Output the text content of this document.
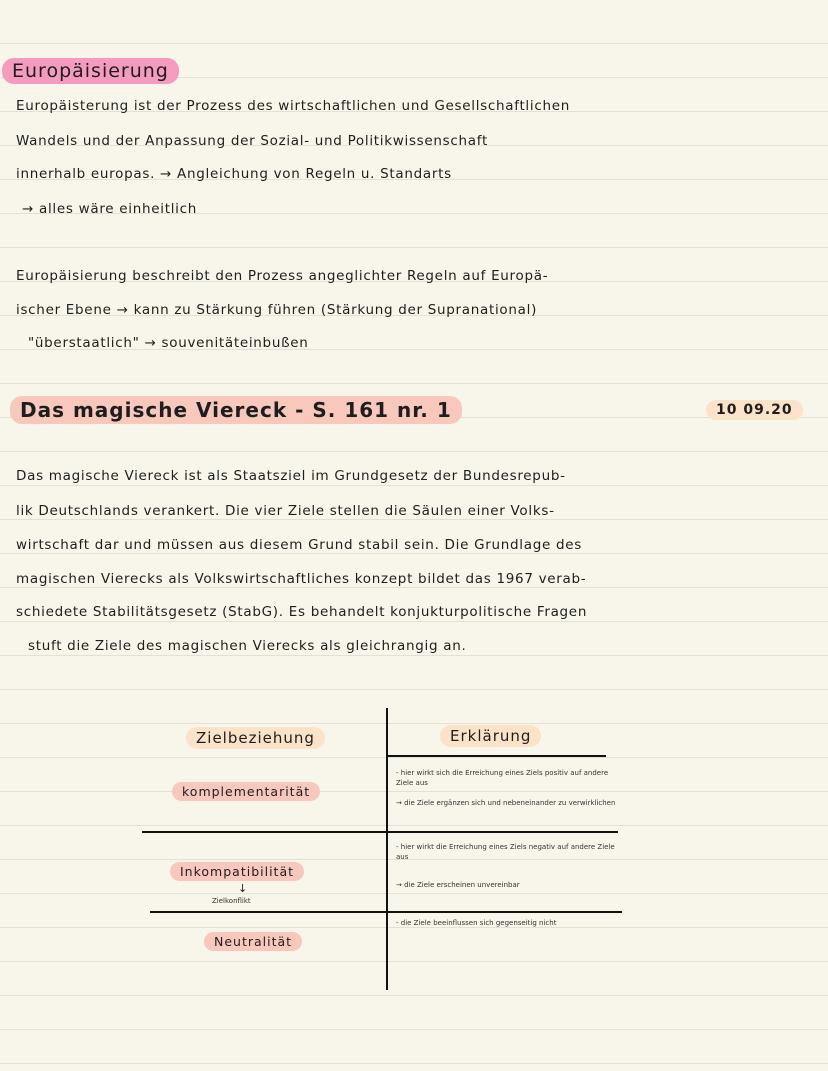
Europäisierung
Europäisterung ist der Prozess des wirtschaftlichen und Gesellschaftlichen
Wandels und der Anpassung der Sozial- und Politikwissenschaft
innerhalb europas. → Angleichung von Regeln u. Standarts
→ alles wäre einheitlich
Europäisierung beschreibt den Prozess angeglichter Regeln auf Europä-
ischer Ebene → kann zu Stärkung führen (Stärkung der Supranational)
"überstaatlich" → souvenitäteinbußen
Das magische Viereck - S. 161 nr. 1	10 09.20
Das magische Viereck ist als Staatsziel im Grundgesetz der Bundesrepub-
lik Deutschlands verankert. Die vier Ziele stellen die Säulen einer Volks-
wirtschaft dar und müssen aus diesem Grund stabil sein. Die Grundlage des
magischen Vierecks als Volkswirtschaftliches konzept bildet das 1967 verab-
schiedete Stabilitätsgesetz (StabG). Es behandelt konjukturpolitische Fragen
stuft die Ziele des magischen Vierecks als gleichrangig an.
Zielbeziehung	Erklärung
komplementarität
- hier wirkt sich die Erreichung eines Ziels positiv auf andere Ziele aus
→ die Ziele ergänzen sich und nebeneinander zu verwirklichen
Inkompatibilität
↓
Zielkonflikt
- hier wirkt die Erreichung eines Ziels negativ auf andere Ziele aus
→ die Ziele erscheinen unvereinbar
Neutralität
- die Ziele beeinflussen sich gegenseitig nicht
